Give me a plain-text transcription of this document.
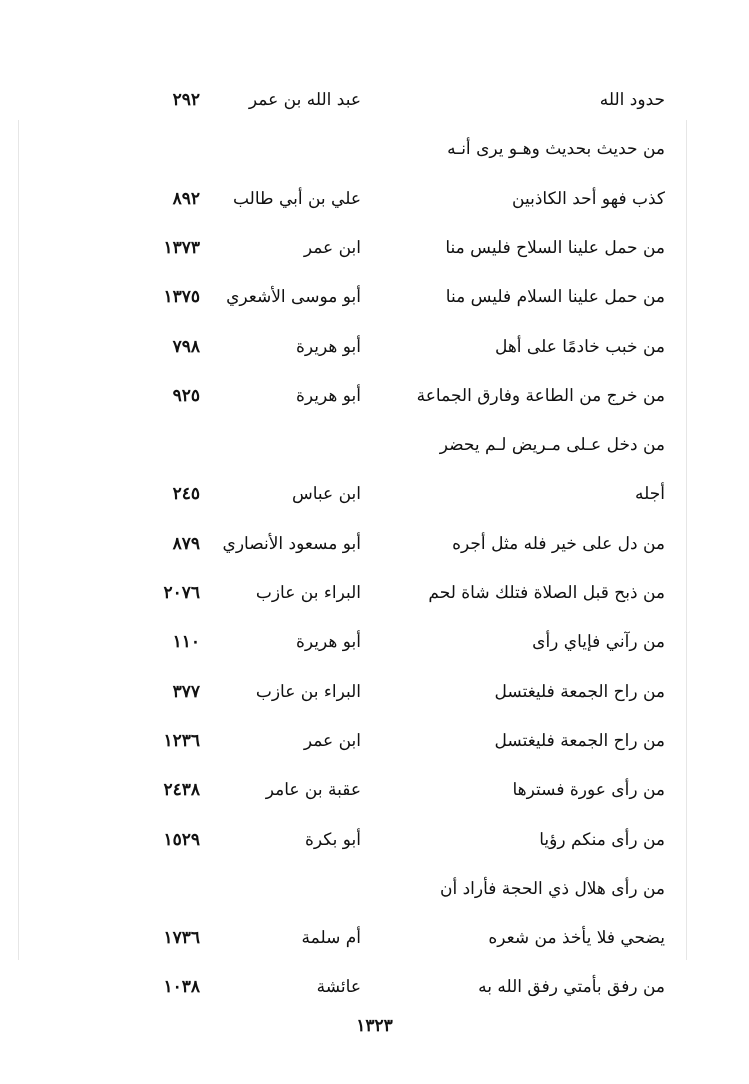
حدود الله
عبد الله بن عمر
٢٩٢
من حديث بحديث وهـو يرى أنـه
كذب فهو أحد الكاذبين
علي بن أبي طالب
٨٩٢
من حمل علينا السلاح فليس منا
ابن عمر
١٣٧٣
من حمل علينا السلام فليس منا
أبو موسى الأشعري
١٣٧٥
من خبب خادمًا على أهل
أبو هريرة
٧٩٨
من خرج من الطاعة وفارق الجماعة
أبو هريرة
٩٢٥
من دخل عـلى مـريض لـم يحضر
أجله
ابن عباس
٢٤٥
من دل على خير فله مثل أجره
أبو مسعود الأنصاري
٨٧٩
من ذبح قبل الصلاة فتلك شاة لحم
البراء بن عازب
٢٠٧٦
من رآني فإياي رأى
أبو هريرة
١١٠
من راح الجمعة فليغتسل
البراء بن عازب
٣٧٧
من راح الجمعة فليغتسل
ابن عمر
١٢٣٦
من رأى عورة فسترها
عقبة بن عامر
٢٤٣٨
من رأى منكم رؤيا
أبو بكرة
١٥٢٩
من رأى هلال ذي الحجة فأراد أن
يضحي فلا يأخذ من شعره
أم سلمة
١٧٣٦
من رفق بأمتي رفق الله به
عائشة
١٠٣٨
١٣٢٣
